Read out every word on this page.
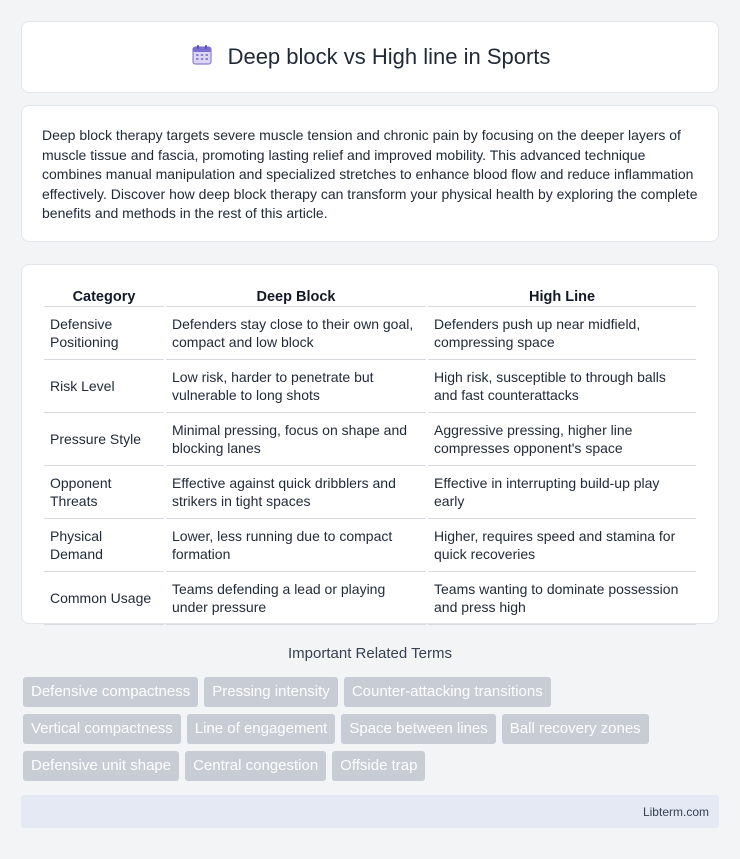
Deep block vs High line in Sports

Deep block therapy targets severe muscle tension and chronic pain by focusing on the deeper layers of muscle tissue and fascia, promoting lasting relief and improved mobility. This advanced technique combines manual manipulation and specialized stretches to enhance blood flow and reduce inflammation effectively. Discover how deep block therapy can transform your physical health by exploring the complete benefits and methods in the rest of this article.

Category	Deep Block	High Line
Defensive Positioning	Defenders stay close to their own goal, compact and low block	Defenders push up near midfield, compressing space
Risk Level	Low risk, harder to penetrate but vulnerable to long shots	High risk, susceptible to through balls and fast counterattacks
Pressure Style	Minimal pressing, focus on shape and blocking lanes	Aggressive pressing, higher line compresses opponent's space
Opponent Threats	Effective against quick dribblers and strikers in tight spaces	Effective in interrupting build-up play early
Physical Demand	Lower, less running due to compact formation	Higher, requires speed and stamina for quick recoveries
Common Usage	Teams defending a lead or playing under pressure	Teams wanting to dominate possession and press high
Important Related Terms
Defensive compactness	Pressing intensity	Counter-attacking transitions
Vertical compactness	Line of engagement	Space between lines	Ball recovery zones
Defensive unit shape	Central congestion	Offside trap
Libterm.com
